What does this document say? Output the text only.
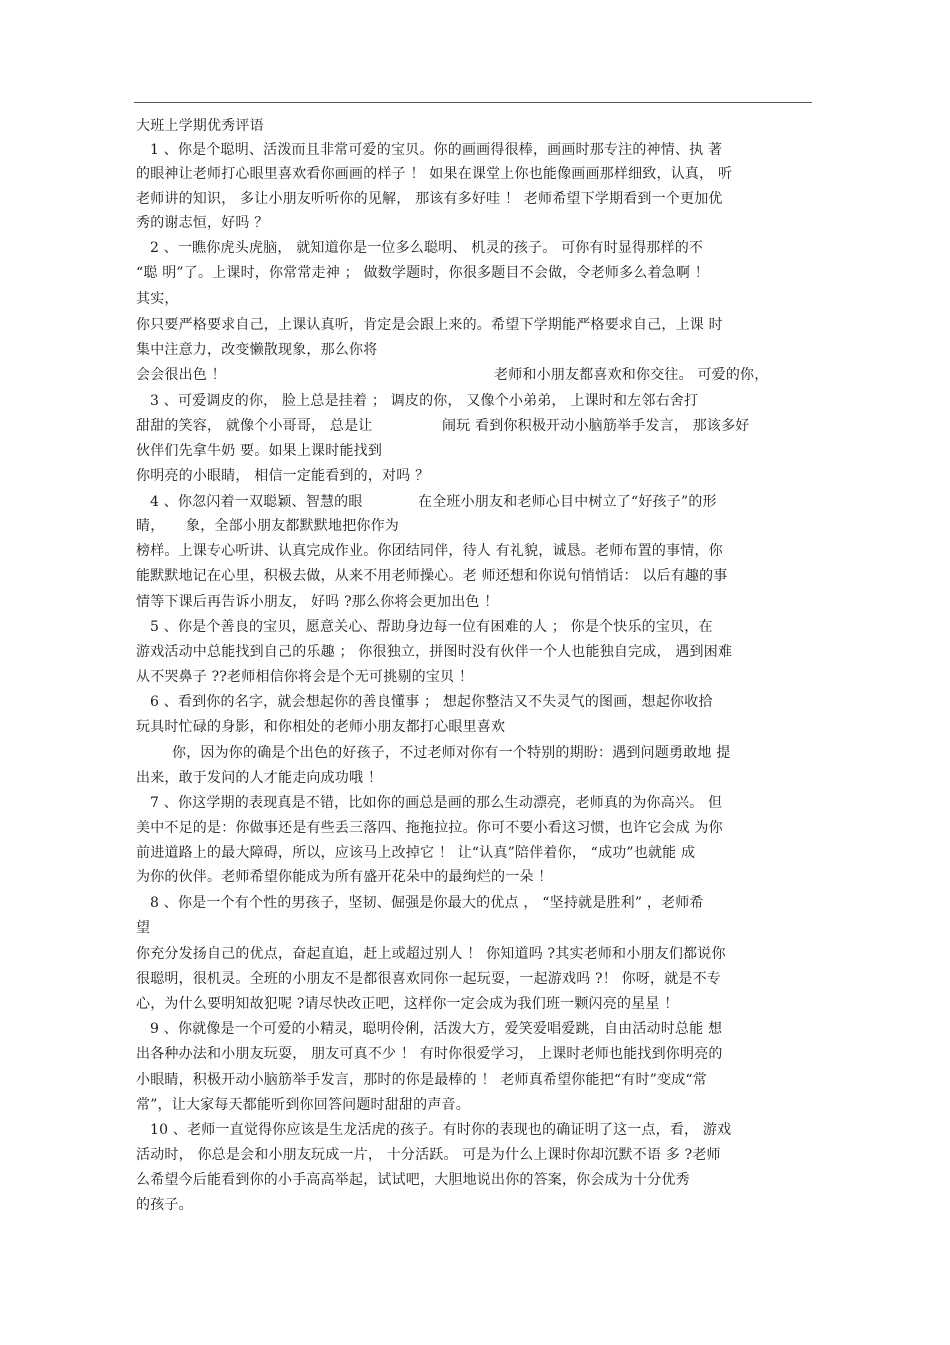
大班上学期优秀评语
1 、你是个聪明、活泼而且非常可爱的宝贝。你的画画得很棒，画画时那专注的神情、执 著
的眼神让老师打心眼里喜欢看你画画的样子 ！ 如果在课堂上你也能像画画那样细致，认真， 听
老师讲的知识， 多让小朋友听听你的见解， 那该有多好哇 ！ 老师希望下学期看到一个更加优
秀的谢志恒，好吗 ？
2 、一瞧你虎头虎脑， 就知道你是一位多么聪明、 机灵的孩子。 可你有时显得那样的不
“聪 明”了。上课时，你常常走神 ； 做数学题时，你很多题目不会做，令老师多么着急啊 ！
其实，
你只要严格要求自己，上课认真听，肯定是会跟上来的。希望下学期能严格要求自己，上课 时
集中注意力，改变懒散现象，那么你将
会会很出色 ！	老师和小朋友都喜欢和你交往。 可爱的你，
3 、可爱调皮的你， 脸上总是挂着 ； 调皮的你， 又像个小弟弟， 上课时和左邻右舍打
甜甜的笑容， 就像个小哥哥， 总是让	闹玩 看到你积极开动小脑筋举手发言， 那该多好
伙伴们先拿牛奶 要。如果上课时能找到
你明亮的小眼睛， 相信一定能看到的，对吗 ？
4 、你忽闪着一双聪颖、智慧的眼	在全班小朋友和老师心目中树立了“好孩子”的形
睛， 象，全部小朋友都默默地把你作为
榜样。上课专心听讲、认真完成作业。你团结同伴，待人 有礼貌，诚恳。老师布置的事情，你
能默默地记在心里，积极去做，从来不用老师操心。老 师还想和你说句悄悄话： 以后有趣的事
情等下课后再告诉小朋友， 好吗 ?那么你将会更加出色 ！
5 、你是个善良的宝贝，愿意关心、帮助身边每一位有困难的人 ； 你是个快乐的宝贝，在
游戏活动中总能找到自己的乐趣 ； 你很独立，拼图时没有伙伴一个人也能独自完成， 遇到困难
从不哭鼻子 ??老师相信你将会是个无可挑剔的宝贝 ！
6 、看到你的名字，就会想起你的善良懂事 ； 想起你整洁又不失灵气的图画，想起你收拾
玩具时忙碌的身影，和你相处的老师小朋友都打心眼里喜欢
你，因为你的确是个出色的好孩子，不过老师对你有一个特别的期盼：遇到问题勇敢地 提
出来，敢于发问的人才能走向成功哦 ！
7 、你这学期的表现真是不错，比如你的画总是画的那么生动漂亮，老师真的为你高兴。 但
美中不足的是：你做事还是有些丢三落四、拖拖拉拉。你可不要小看这习惯，也许它会成 为你
前进道路上的最大障碍，所以，应该马上改掉它 ！ 让“认真”陪伴着你， “成功”也就能 成
为你的伙伴。老师希望你能成为所有盛开花朵中的最绚烂的一朵 ！
8 、你是一个有个性的男孩子，坚韧、倔强是你最大的优点 ， “坚持就是胜利” ，老师希
望
你充分发扬自己的优点，奋起直追，赶上或超过别人 ！ 你知道吗 ?其实老师和小朋友们都说你
很聪明，很机灵。全班的小朋友不是都很喜欢同你一起玩耍，一起游戏吗 ?！ 你呀，就是不专
心，为什么要明知故犯呢 ?请尽快改正吧，这样你一定会成为我们班一颗闪亮的星星 ！
9 、你就像是一个可爱的小精灵，聪明伶俐，活泼大方，爱笑爱唱爱跳，自由活动时总能 想
出各种办法和小朋友玩耍， 朋友可真不少 ！ 有时你很爱学习， 上课时老师也能找到你明亮的
小眼睛，积极开动小脑筋举手发言，那时的你是最棒的 ！ 老师真希望你能把“有时”变成“常
常”，让大家每天都能听到你回答问题时甜甜的声音。
10 、老师一直觉得你应该是生龙活虎的孩子。有时你的表现也的确证明了这一点，看， 游戏
活动时， 你总是会和小朋友玩成一片， 十分活跃。 可是为什么上课时你却沉默不语 多 ?老师
么希望今后能看到你的小手高高举起，试试吧，大胆地说出你的答案，你会成为十分优秀
的孩子。
